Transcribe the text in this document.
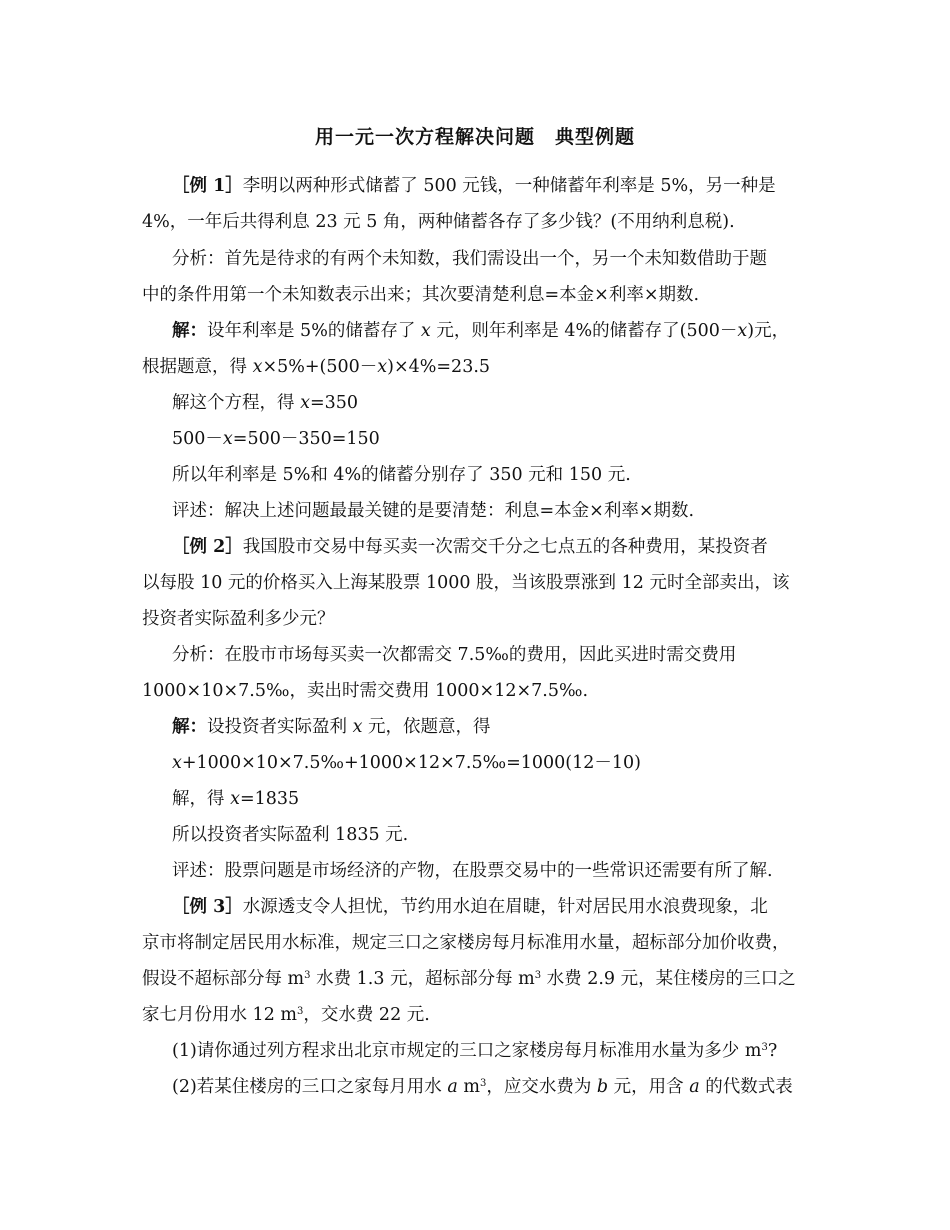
用一元一次方程解决问题　典型例题
［例 1］李明以两种形式储蓄了 500 元钱，一种储蓄年利率是 5%，另一种是
4%，一年后共得利息 23 元 5 角，两种储蓄各存了多少钱？(不用纳利息税).
分析：首先是待求的有两个未知数，我们需设出一个，另一个未知数借助于题
中的条件用第一个未知数表示出来；其次要清楚利息=本金×利率×期数.
解：设年利率是 5%的储蓄存了 x 元，则年利率是 4%的储蓄存了(500－x)元，
根据题意，得 x×5%+(500－x)×4%=23.5
解这个方程，得 x=350
500－x=500－350=150
所以年利率是 5%和 4%的储蓄分别存了 350 元和 150 元.
评述：解决上述问题最最关键的是要清楚：利息=本金×利率×期数.
［例 2］我国股市交易中每买卖一次需交千分之七点五的各种费用，某投资者
以每股 10 元的价格买入上海某股票 1000 股，当该股票涨到 12 元时全部卖出，该
投资者实际盈利多少元？
分析：在股市市场每买卖一次都需交 7.5‰的费用，因此买进时需交费用
1000×10×7.5‰，卖出时需交费用 1000×12×7.5‰.
解：设投资者实际盈利 x 元，依题意，得
x+1000×10×7.5‰+1000×12×7.5‰=1000(12－10)
解，得 x=1835
所以投资者实际盈利 1835 元.
评述：股票问题是市场经济的产物，在股票交易中的一些常识还需要有所了解.
［例 3］水源透支令人担忧，节约用水迫在眉睫，针对居民用水浪费现象，北
京市将制定居民用水标准，规定三口之家楼房每月标准用水量，超标部分加价收费，
假设不超标部分每 $m^3$ 水费 1.3 元，超标部分每 $m^3$ 水费 2.9 元，某住楼房的三口之
家七月份用水 12 $m^3$，交水费 22 元.
(1)请你通过列方程求出北京市规定的三口之家楼房每月标准用水量为多少 $m^3$?
(2)若某住楼房的三口之家每月用水 a $m^3$，应交水费为 b 元，用含 a 的代数式表
